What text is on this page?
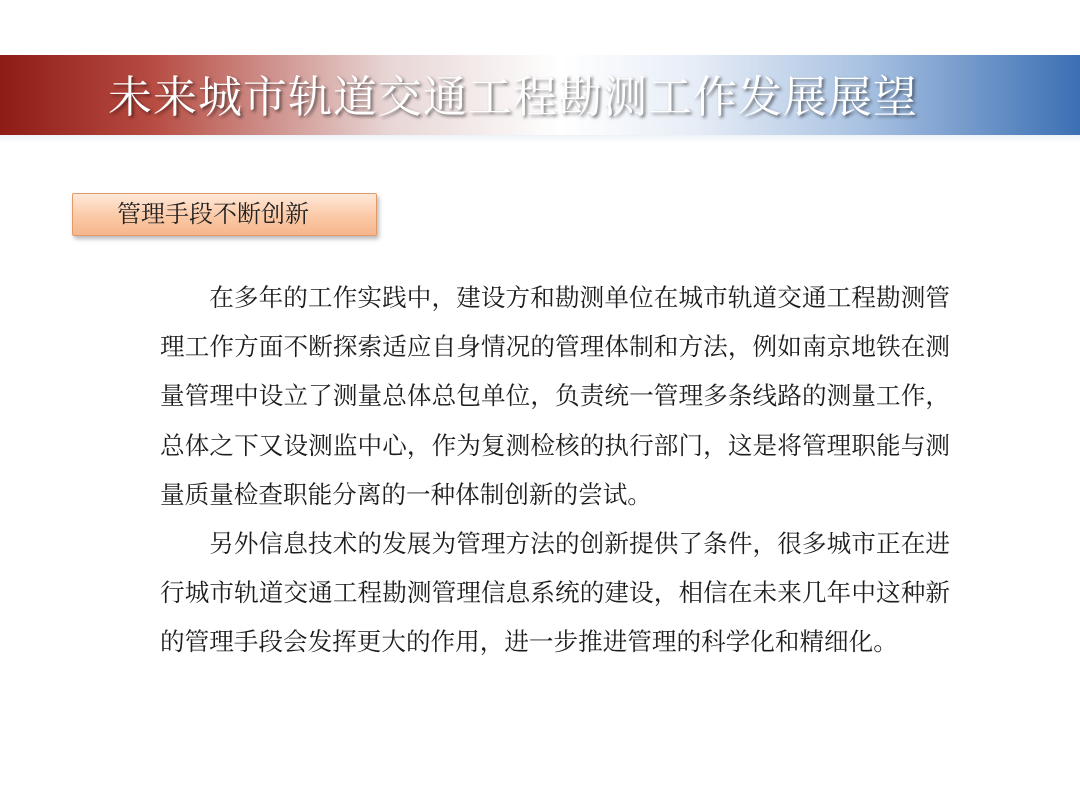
未来城市轨道交通工程勘测工作发展展望
管理手段不断创新

在多年的工作实践中，建设方和勘测单位在城市轨道交通工程勘测管理工作方面不断探索适应自身情况的管理体制和方法，例如南京地铁在测量管理中设立了测量总体总包单位，负责统一管理多条线路的测量工作，总体之下又设测监中心，作为复测检核的执行部门，这是将管理职能与测量质量检查职能分离的一种体制创新的尝试。

另外信息技术的发展为管理方法的创新提供了条件，很多城市正在进行城市轨道交通工程勘测管理信息系统的建设，相信在未来几年中这种新的管理手段会发挥更大的作用，进一步推进管理的科学化和精细化。
